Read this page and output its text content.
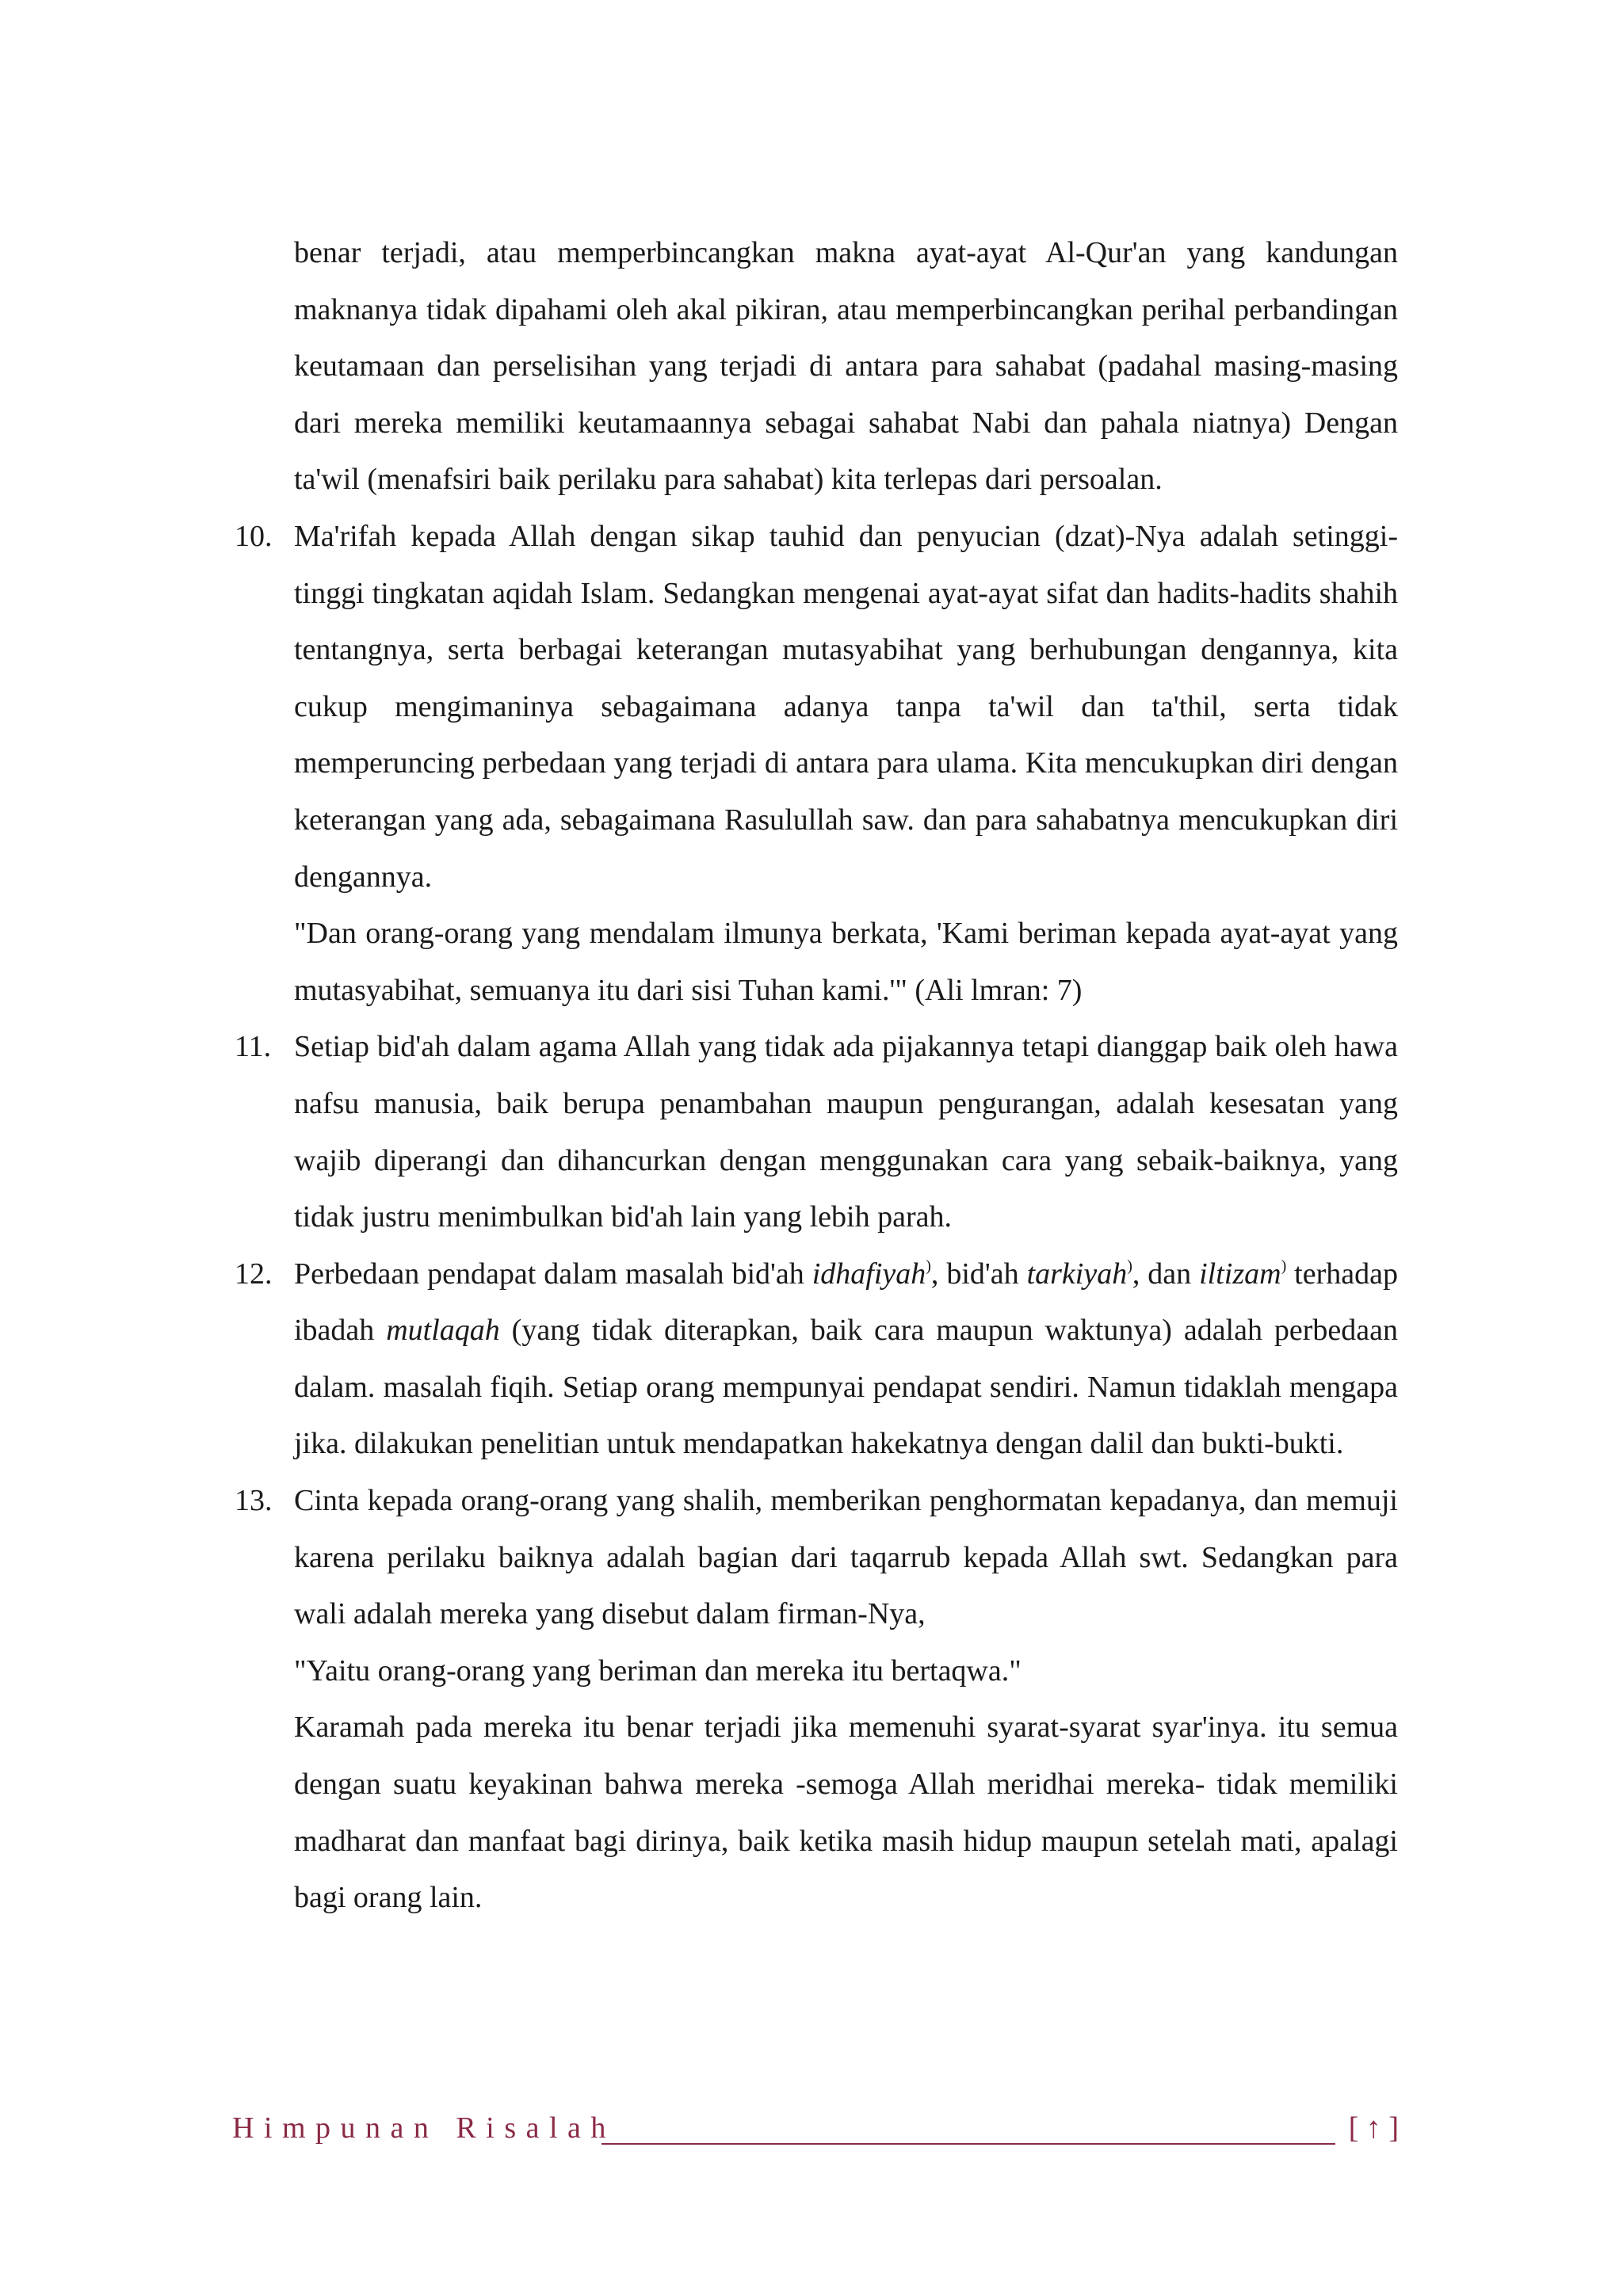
benar terjadi, atau memperbincangkan makna ayat-ayat Al-Qur'an yang kandungan maknanya tidak dipahami oleh akal pikiran, atau memperbincangkan perihal perbandingan keutamaan dan perselisihan yang terjadi di antara para sahabat (padahal masing-masing dari mereka memiliki keutamaannya sebagai sahabat Nabi dan pahala niatnya) Dengan ta'wil (menafsiri baik perilaku para sahabat) kita terlepas dari persoalan.

10. Ma'rifah kepada Allah dengan sikap tauhid dan penyucian (dzat)-Nya adalah setinggi-tinggi tingkatan aqidah Islam. Sedangkan mengenai ayat-ayat sifat dan hadits-hadits shahih tentangnya, serta berbagai keterangan mutasyabihat yang berhubungan dengannya, kita cukup mengimaninya sebagaimana adanya tanpa ta'wil dan ta'thil, serta tidak memperuncing perbedaan yang terjadi di antara para ulama. Kita mencukupkan diri dengan keterangan yang ada, sebagaimana Rasulullah saw. dan para sahabatnya mencukupkan diri dengannya.

"Dan orang-orang yang mendalam ilmunya berkata, 'Kami beriman kepada ayat-ayat yang mutasyabihat, semuanya itu dari sisi Tuhan kami.'" (Ali lmran: 7)

11. Setiap bid'ah dalam agama Allah yang tidak ada pijakannya tetapi dianggap baik oleh hawa nafsu manusia, baik berupa penambahan maupun pengurangan, adalah kesesatan yang wajib diperangi dan dihancurkan dengan menggunakan cara yang sebaik-baiknya, yang tidak justru menimbulkan bid'ah lain yang lebih parah.

12. Perbedaan pendapat dalam masalah bid'ah idhafiyah), bid'ah tarkiyah), dan iltizam) terhadap ibadah mutlaqah (yang tidak diterapkan, baik cara maupun waktunya) adalah perbedaan dalam. masalah fiqih. Setiap orang mempunyai pendapat sendiri. Namun tidaklah mengapa jika. dilakukan penelitian untuk mendapatkan hakekatnya dengan dalil dan bukti-bukti.

13. Cinta kepada orang-orang yang shalih, memberikan penghormatan kepadanya, dan memuji karena perilaku baiknya adalah bagian dari taqarrub kepada Allah swt. Sedangkan para wali adalah mereka yang disebut dalam firman-Nya,

"Yaitu orang-orang yang beriman dan mereka itu bertaqwa."

Karamah pada mereka itu benar terjadi jika memenuhi syarat-syarat syar'inya. itu semua dengan suatu keyakinan bahwa mereka -semoga Allah meridhai mereka- tidak memiliki madharat dan manfaat bagi dirinya, baik ketika masih hidup maupun setelah mati, apalagi bagi orang lain.

Himpunan Risalah	[ ↑ ]
